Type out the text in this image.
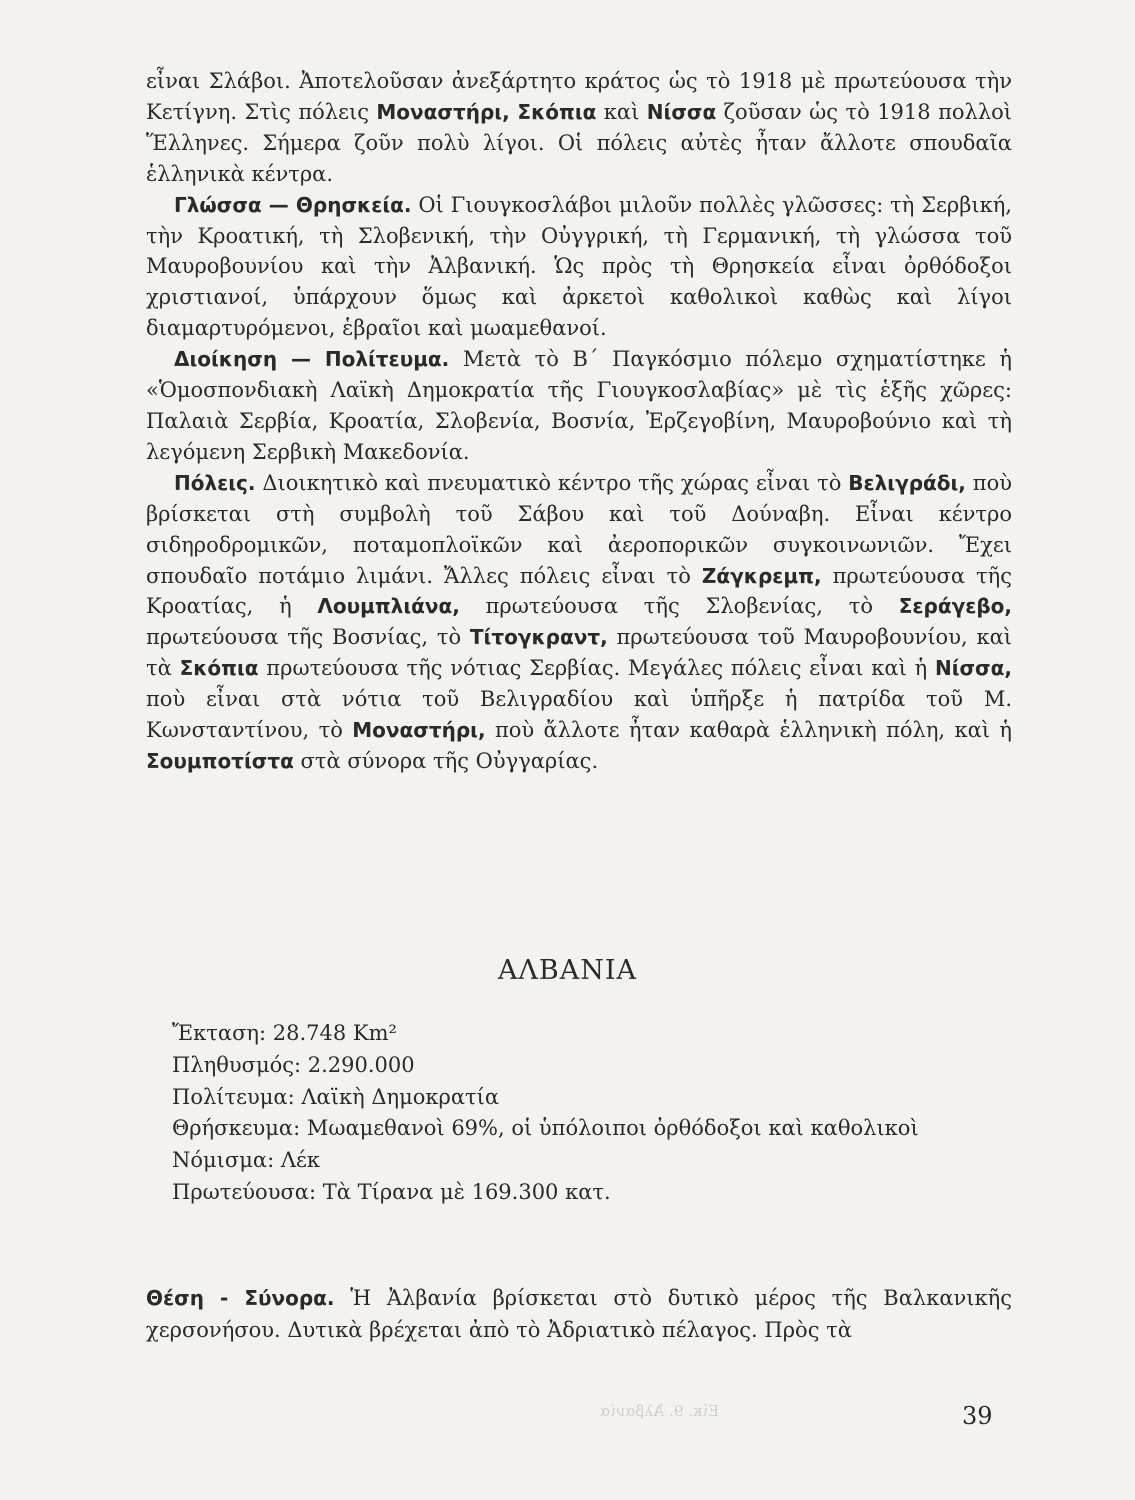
εἶναι Σλάβοι. Ἀποτελοῦσαν ἀνεξάρτητο κράτος ὡς τὸ 1918 μὲ πρωτεύουσα τὴν Κετίγνη. Στὶς πόλεις Μοναστήρι, Σκόπια καὶ Νίσσα ζοῦσαν ὡς τὸ 1918 πολλοὶ Ἕλληνες. Σήμερα ζοῦν πολὺ λίγοι. Οἱ πόλεις αὐτὲς ἦταν ἄλλοτε σπουδαῖα ἑλληνικὰ κέντρα.

Γλώσσα — Θρησκεία. Οἱ Γιουγκοσλάβοι μιλοῦν πολλὲς γλῶσσες: τὴ Σερβική, τὴν Κροατική, τὴ Σλοβενική, τὴν Οὐγγρική, τὴ Γερμανική, τὴ γλώσσα τοῦ Μαυροβουνίου καὶ τὴν Ἀλβανική. Ὡς πρὸς τὴ Θρησκεία εἶναι ὀρθόδοξοι χριστιανοί, ὑπάρχουν ὅμως καὶ ἀρκετοὶ καθολικοὶ καθὼς καὶ λίγοι διαμαρτυρόμενοι, ἑβραῖοι καὶ μωαμεθανοί.

Διοίκηση — Πολίτευμα. Μετὰ τὸ Β΄ Παγκόσμιο πόλεμο σχηματίστηκε ἡ «Ὁμοσπονδιακὴ Λαϊκὴ Δημοκρατία τῆς Γιουγκοσλαβίας» μὲ τὶς ἑξῆς χῶρες: Παλαιὰ Σερβία, Κροατία, Σλοβενία, Βοσνία, Ἐρζεγοβίνη, Μαυροβούνιο καὶ τὴ λεγόμενη Σερβικὴ Μακεδονία.

Πόλεις. Διοικητικὸ καὶ πνευματικὸ κέντρο τῆς χώρας εἶναι τὸ Βελιγράδι, ποὺ βρίσκεται στὴ συμβολὴ τοῦ Σάβου καὶ τοῦ Δούναβη. Εἶναι κέντρο σιδηροδρομικῶν, ποταμοπλοϊκῶν καὶ ἀεροπορικῶν συγκοινωνιῶν. Ἔχει σπουδαῖο ποτάμιο λιμάνι. Ἄλλες πόλεις εἶναι τὸ Ζάγκρεμπ, πρωτεύουσα τῆς Κροατίας, ἡ Λουμπλιάνα, πρωτεύουσα τῆς Σλοβενίας, τὸ Σεράγεβο, πρωτεύουσα τῆς Βοσνίας, τὸ Τίτογκραντ, πρωτεύουσα τοῦ Μαυροβουνίου, καὶ τὰ Σκόπια πρωτεύουσα τῆς νότιας Σερβίας. Μεγάλες πόλεις εἶναι καὶ ἡ Νίσσα, ποὺ εἶναι στὰ νότια τοῦ Βελιγραδίου καὶ ὑπῆρξε ἡ πατρίδα τοῦ Μ. Κωνσταντίνου, τὸ Μοναστήρι, ποὺ ἄλλοτε ἦταν καθαρὰ ἑλληνικὴ πόλη, καὶ ἡ Σουμποτίστα στὰ σύνορα τῆς Οὐγγαρίας.

ΑΛΒΑΝΙΑ
Ἔκταση: 28.748 Km²
Πληθυσμός: 2.290.000
Πολίτευμα: Λαϊκὴ Δημοκρατία
Θρήσκευμα: Μωαμεθανοὶ 69%, οἱ ὑπόλοιποι ὀρθόδοξοι καὶ καθολικοὶ
Νόμισμα: Λέκ
Πρωτεύουσα: Τὰ Τίρανα μὲ 169.300 κατ.

Θέση - Σύνορα. Ἡ Ἀλβανία βρίσκεται στὸ δυτικὸ μέρος τῆς Βαλκανικῆς χερσονήσου. Δυτικὰ βρέχεται ἀπὸ τὸ Ἀδριατικὸ πέλαγος. Πρὸς τὰ

Εἰκ. 9. Ἀλβανία	39
